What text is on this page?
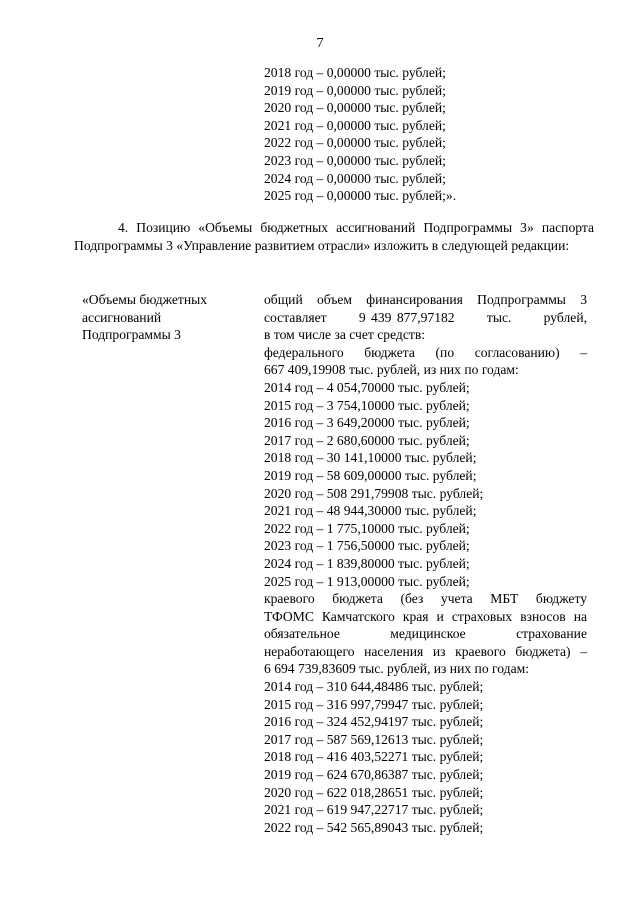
7
2018 год – 0,00000 тыс. рублей;
2019 год – 0,00000 тыс. рублей;
2020 год – 0,00000 тыс. рублей;
2021 год – 0,00000 тыс. рублей;
2022 год – 0,00000 тыс. рублей;
2023 год – 0,00000 тыс. рублей;
2024 год – 0,00000 тыс. рублей;
2025 год – 0,00000 тыс. рублей;».
4. Позицию «Объемы бюджетных ассигнований Подпрограммы 3» паспорта Подпрограммы 3 «Управление развитием отрасли» изложить в следующей редакции:
«Объемы бюджетных
ассигнований
Подпрограммы 3
общий объем финансирования Подпрограммы 3
составляет      9 439 877,97182      тыс.      рублей,
в том числе за счет средств:
федерального бюджета (по согласованию) –
667 409,19908 тыс. рублей, из них по годам:
2014 год – 4 054,70000 тыс. рублей;
2015 год – 3 754,10000 тыс. рублей;
2016 год – 3 649,20000 тыс. рублей;
2017 год – 2 680,60000 тыс. рублей;
2018 год – 30 141,10000 тыс. рублей;
2019 год – 58 609,00000 тыс. рублей;
2020 год – 508 291,79908 тыс. рублей;
2021 год – 48 944,30000 тыс. рублей;
2022 год – 1 775,10000 тыс. рублей;
2023 год – 1 756,50000 тыс. рублей;
2024 год – 1 839,80000 тыс. рублей;
2025 год – 1 913,00000 тыс. рублей;
краевого бюджета (без учета МБТ бюджету
ТФОМС Камчатского края и страховых взносов на
обязательное медицинское страхование
неработающего населения из краевого бюджета) –
6 694 739,83609 тыс. рублей, из них по годам:
2014 год – 310 644,48486 тыс. рублей;
2015 год – 316 997,79947 тыс. рублей;
2016 год – 324 452,94197 тыс. рублей;
2017 год – 587 569,12613 тыс. рублей;
2018 год – 416 403,52271 тыс. рублей;
2019 год – 624 670,86387 тыс. рублей;
2020 год – 622 018,28651 тыс. рублей;
2021 год – 619 947,22717 тыс. рублей;
2022 год – 542 565,89043 тыс. рублей;
